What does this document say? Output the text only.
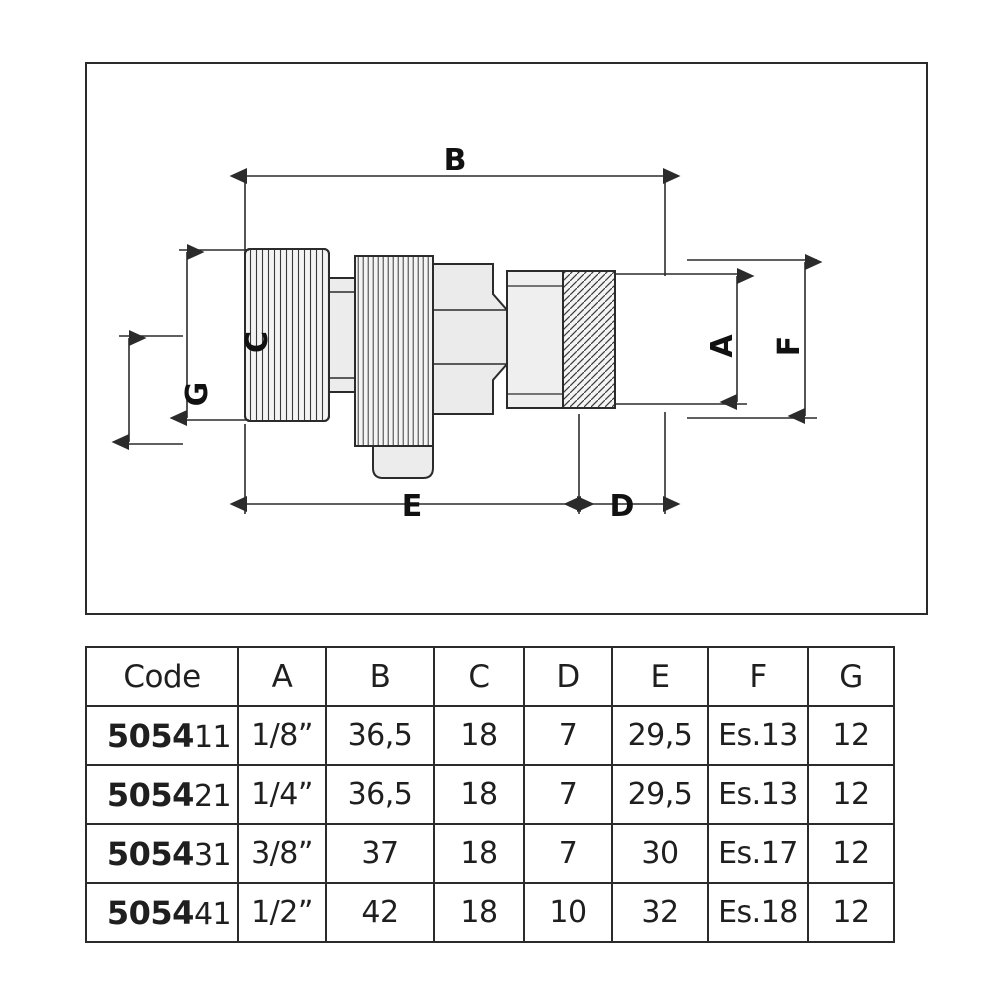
B
E	D
C
G
A F
Code	A	B	C	D	E	F	G
505411	1/8”	36,5	18	7	29,5	Es.13	12
505421	1/4”	36,5	18	7	29,5	Es.13	12
505431	3/8”	37	18	7	30	Es.17	12
505441	1/2”	42	18	10	32	Es.18	12
